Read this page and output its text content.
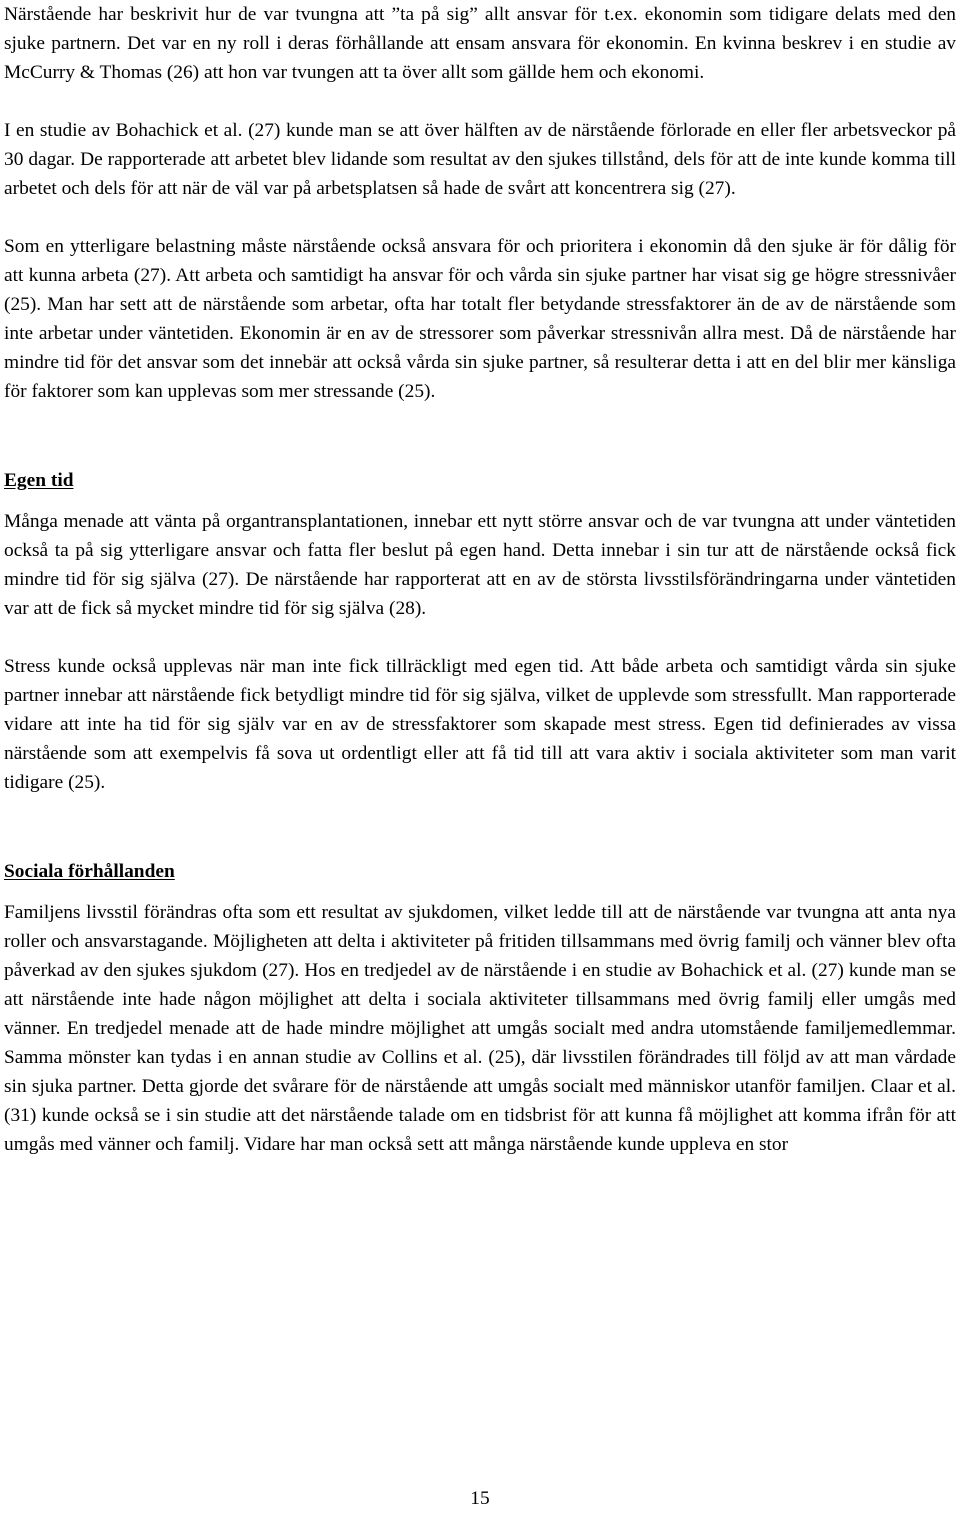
Närstående har beskrivit hur de var tvungna att ”ta på sig” allt ansvar för t.ex. ekonomin som tidigare delats med den sjuke partnern. Det var en ny roll i deras förhållande att ensam ansvara för ekonomin. En kvinna beskrev i en studie av McCurry & Thomas (26) att hon var tvungen att ta över allt som gällde hem och ekonomi.

I en studie av Bohachick et al. (27) kunde man se att över hälften av de närstående förlorade en eller fler arbetsveckor på 30 dagar. De rapporterade att arbetet blev lidande som resultat av den sjukes tillstånd, dels för att de inte kunde komma till arbetet och dels för att när de väl var på arbetsplatsen så hade de svårt att koncentrera sig (27).

Som en ytterligare belastning måste närstående också ansvara för och prioritera i ekonomin då den sjuke är för dålig för att kunna arbeta (27). Att arbeta och samtidigt ha ansvar för och vårda sin sjuke partner har visat sig ge högre stressnivåer (25). Man har sett att de närstående som arbetar, ofta har totalt fler betydande stressfaktorer än de av de närstående som inte arbetar under väntetiden. Ekonomin är en av de stressorer som påverkar stressnivån allra mest. Då de närstående har mindre tid för det ansvar som det innebär att också vårda sin sjuke partner, så resulterar detta i att en del blir mer känsliga för faktorer som kan upplevas som mer stressande (25).

Egen tid

Många menade att vänta på organtransplantationen, innebar ett nytt större ansvar och de var tvungna att under väntetiden också ta på sig ytterligare ansvar och fatta fler beslut på egen hand. Detta innebar i sin tur att de närstående också fick mindre tid för sig själva (27). De närstående har rapporterat att en av de största livsstilsförändringarna under väntetiden var att de fick så mycket mindre tid för sig själva (28).

Stress kunde också upplevas när man inte fick tillräckligt med egen tid. Att både arbeta och samtidigt vårda sin sjuke partner innebar att närstående fick betydligt mindre tid för sig själva, vilket de upplevde som stressfullt. Man rapporterade vidare att inte ha tid för sig själv var en av de stressfaktorer som skapade mest stress. Egen tid definierades av vissa närstående som att exempelvis få sova ut ordentligt eller att få tid till att vara aktiv i sociala aktiviteter som man varit tidigare (25).

Sociala förhållanden

Familjens livsstil förändras ofta som ett resultat av sjukdomen, vilket ledde till att de närstående var tvungna att anta nya roller och ansvarstagande. Möjligheten att delta i aktiviteter på fritiden tillsammans med övrig familj och vänner blev ofta påverkad av den sjukes sjukdom (27). Hos en tredjedel av de närstående i en studie av Bohachick et al. (27) kunde man se att närstående inte hade någon möjlighet att delta i sociala aktiviteter tillsammans med övrig familj eller umgås med vänner. En tredjedel menade att de hade mindre möjlighet att umgås socialt med andra utomstående familjemedlemmar. Samma mönster kan tydas i en annan studie av Collins et al. (25), där livsstilen förändrades till följd av att man vårdade sin sjuka partner. Detta gjorde det svårare för de närstående att umgås socialt med människor utanför familjen. Claar et al. (31) kunde också se i sin studie att det närstående talade om en tidsbrist för att kunna få möjlighet att komma ifrån för att umgås med vänner och familj. Vidare har man också sett att många närstående kunde uppleva en stor

15
